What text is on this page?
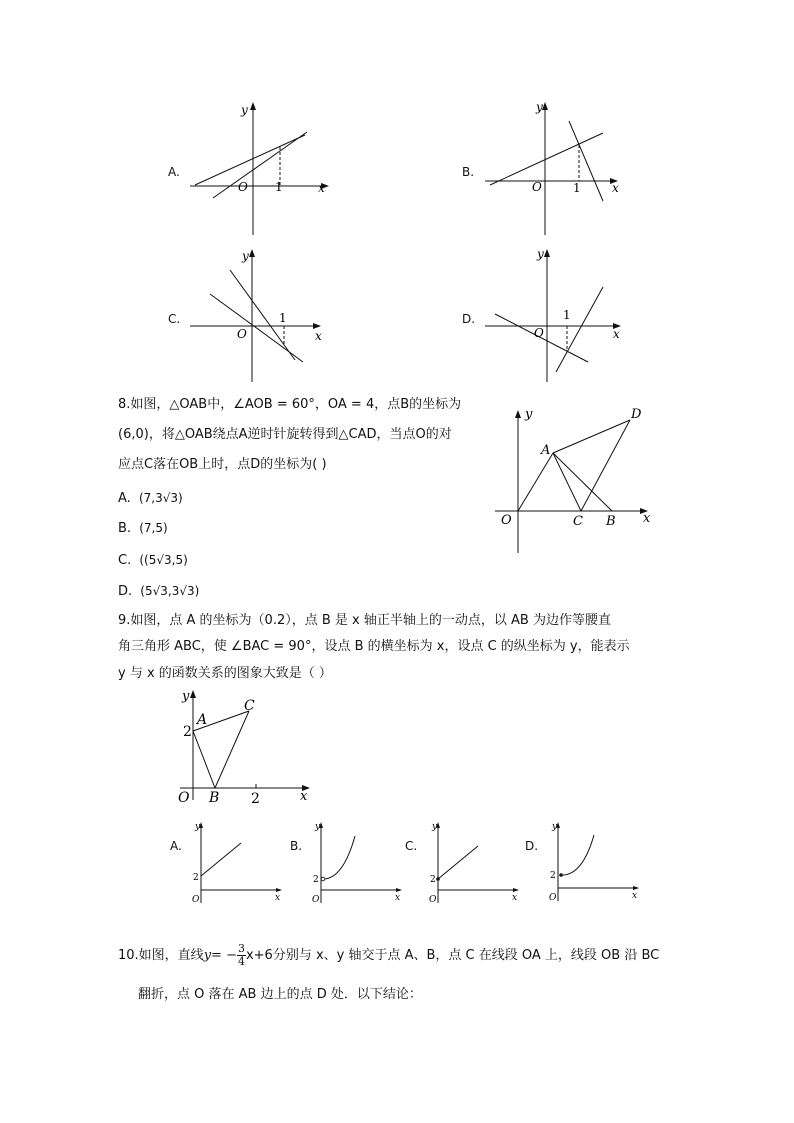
A.
y
x
O 1
B.
y
x
O	1
C.
y
x
O
1	D.
y
x
O
1
8.如图，△OAB中，∠AOB = 60°，OA = 4，点B的坐标为
(6,0)，将△OAB绕点A逆时针旋转得到△CAD，当点O的对
应点C落在OB上时，点D的坐标为( )
A. (7,3√3)
B. (7,5)
C. ((5√3,5)
D. (5√3,3√3)
y
x
O
A
C B
D
9.如图，点 A 的坐标为（0.2），点 B 是 x 轴正半轴上的一动点，以 AB 为边作等腰直
角三角形 ABC，使 ∠BAC = 90°，设点 B 的横坐标为 x，设点 C 的纵坐标为 y，能表示
y 与 x 的函数关系的图象大致是（ ）
y
x
O B 2
2
A
C
A.
y
x
O
2
B.
y
x
O
2
C.
y
x
O
2
D.
y
x
O
2
10.如图，直线$y= - \frac{3}{4} x+6$分别与 x、y 轴交于点 A、B，点 C 在线段 OA 上，线段 OB 沿 BC
翻折，点 O 落在 AB 边上的点 D 处．以下结论：
